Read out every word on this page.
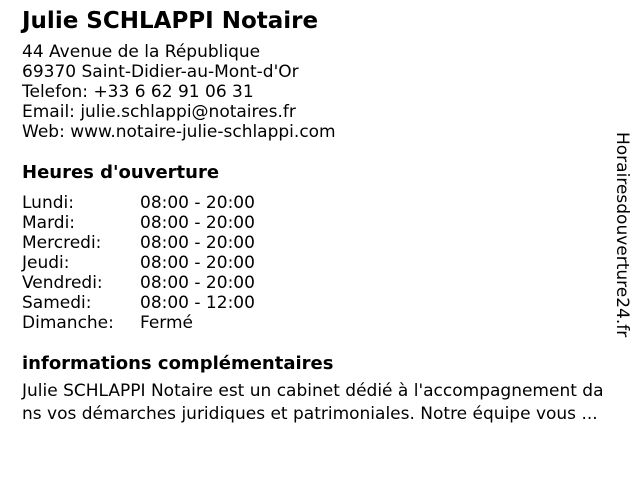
Julie SCHLAPPI Notaire
44 Avenue de la République
69370 Saint-Didier-au-Mont-d'Or
Telefon: +33 6 62 91 06 31
Email: julie.schlappi@notaires.fr
Web: www.notaire-julie-schlappi.com
Heures d'ouverture
Lundi:	08:00 - 20:00
Mardi:	08:00 - 20:00
Mercredi:	08:00 - 20:00
Jeudi:	08:00 - 20:00
Vendredi:	08:00 - 20:00
Samedi:	08:00 - 12:00
Dimanche:	Fermé
informations complémentaires
Julie SCHLAPPI Notaire est un cabinet dédié à l'accompagnement da
ns vos démarches juridiques et patrimoniales. Notre équipe vous ...
Horairesdouverture24.fr
